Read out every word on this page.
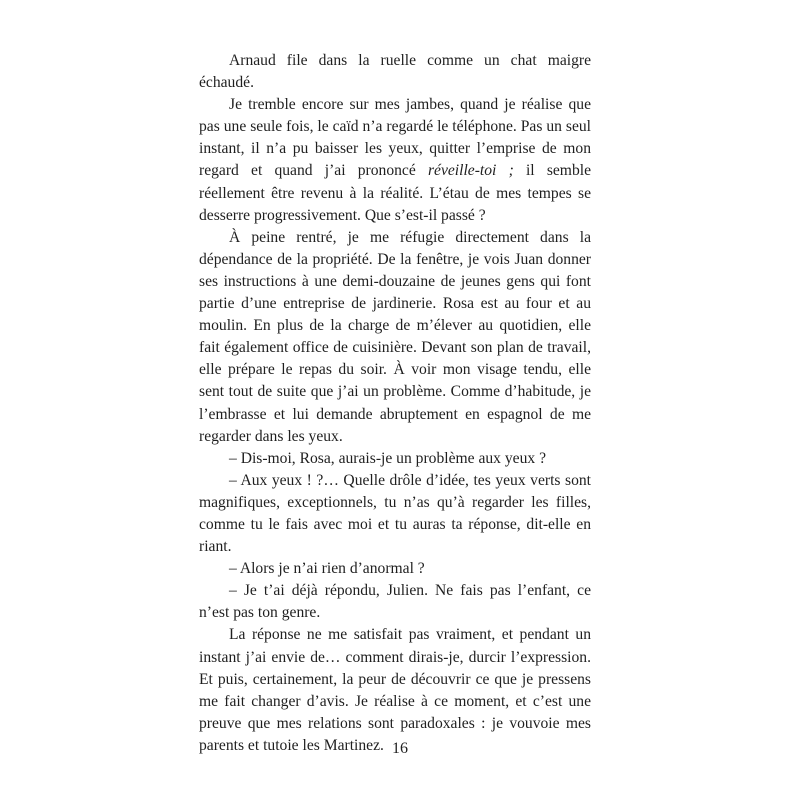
Arnaud file dans la ruelle comme un chat maigre échaudé.

Je tremble encore sur mes jambes, quand je réalise que pas une seule fois, le caïd n’a regardé le téléphone. Pas un seul instant, il n’a pu baisser les yeux, quitter l’emprise de mon regard et quand j’ai prononcé réveille-toi ; il semble réellement être revenu à la réalité. L’étau de mes tempes se desserre progressivement. Que s’est-il passé ?

À peine rentré, je me réfugie directement dans la dépendance de la propriété. De la fenêtre, je vois Juan donner ses instructions à une demi-douzaine de jeunes gens qui font partie d’une entreprise de jardinerie. Rosa est au four et au moulin. En plus de la charge de m’élever au quotidien, elle fait également office de cuisinière. Devant son plan de travail, elle prépare le repas du soir. À voir mon visage tendu, elle sent tout de suite que j’ai un problème. Comme d’habitude, je l’embrasse et lui demande abruptement en espagnol de me regarder dans les yeux.

– Dis-moi, Rosa, aurais-je un problème aux yeux ?

– Aux yeux ! ?… Quelle drôle d’idée, tes yeux verts sont magnifiques, exceptionnels, tu n’as qu’à regarder les filles, comme tu le fais avec moi et tu auras ta réponse, dit-elle en riant.

– Alors je n’ai rien d’anormal ?

– Je t’ai déjà répondu, Julien. Ne fais pas l’enfant, ce n’est pas ton genre.

La réponse ne me satisfait pas vraiment, et pendant un instant j’ai envie de… comment dirais-je, durcir l’expression. Et puis, certainement, la peur de découvrir ce que je pressens me fait changer d’avis. Je réalise à ce moment, et c’est une preuve que mes relations sont paradoxales : je vouvoie mes parents et tutoie les Martinez. 16
